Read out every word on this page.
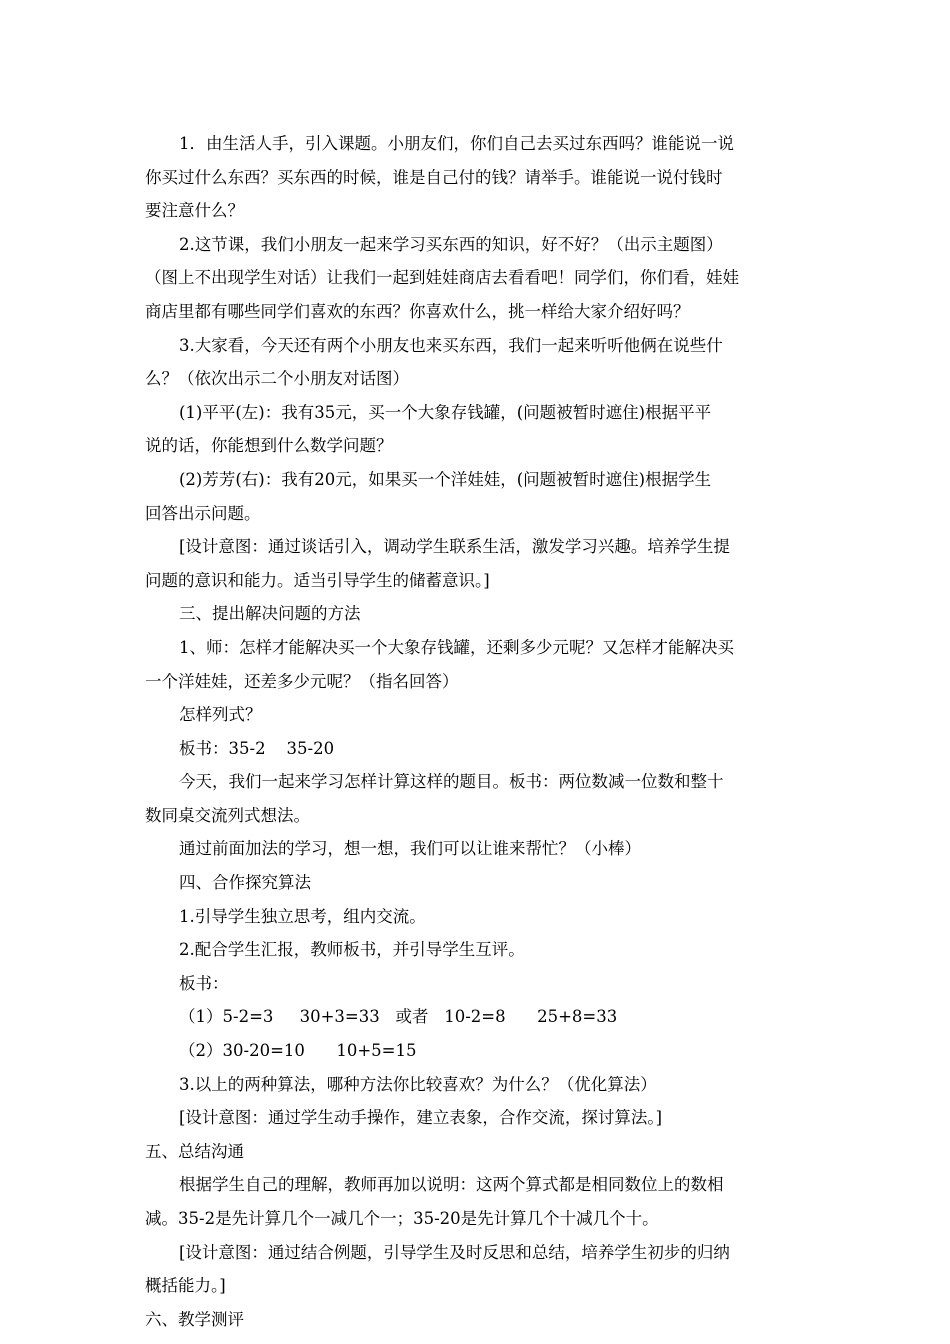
1．由生活人手，引入课题。小朋友们，你们自己去买过东西吗？谁能说一说
你买过什么东西？买东西的时候，谁是自己付的钱？请举手。谁能说一说付钱时
要注意什么？
2.这节课，我们小朋友一起来学习买东西的知识，好不好？（出示主题图）
（图上不出现学生对话）让我们一起到娃娃商店去看看吧！同学们，你们看，娃娃
商店里都有哪些同学们喜欢的东西？你喜欢什么，挑一样给大家介绍好吗？
3.大家看，今天还有两个小朋友也来买东西，我们一起来听听他俩在说些什
么？（依次出示二个小朋友对话图）
(1)平平(左)：我有35元，买一个大象存钱罐，(问题被暂时遮住)根据平平
说的话，你能想到什么数学问题？
(2)芳芳(右)：我有20元，如果买一个洋娃娃，(问题被暂时遮住)根据学生
回答出示问题。
[设计意图：通过谈话引入，调动学生联系生活，激发学习兴趣。培养学生提
问题的意识和能力。适当引导学生的储蓄意识。]
三、提出解决问题的方法
1、师：怎样才能解决买一个大象存钱罐，还剩多少元呢？又怎样才能解决买
一个洋娃娃，还差多少元呢？（指名回答）
怎样列式？
板书：35-2    35-20
今天，我们一起来学习怎样计算这样的题目。板书：两位数减一位数和整十
数同桌交流列式想法。
通过前面加法的学习，想一想，我们可以让谁来帮忙？（小棒）
四、合作探究算法
1.引导学生独立思考，组内交流。
2.配合学生汇报，教师板书，并引导学生互评。
板书：
（1）5-2=3     30+3=33   或者   10-2=8      25+8=33
（2）30-20=10      10+5=15
3.以上的两种算法，哪种方法你比较喜欢？为什么？（优化算法）
[设计意图：通过学生动手操作，建立表象，合作交流，探讨算法。]
五、总结沟通
根据学生自己的理解，教师再加以说明：这两个算式都是相同数位上的数相
减。35-2是先计算几个一减几个一；35-20是先计算几个十减几个十。
[设计意图：通过结合例题，引导学生及时反思和总结，培养学生初步的归纳
概括能力。]
六、教学测评
